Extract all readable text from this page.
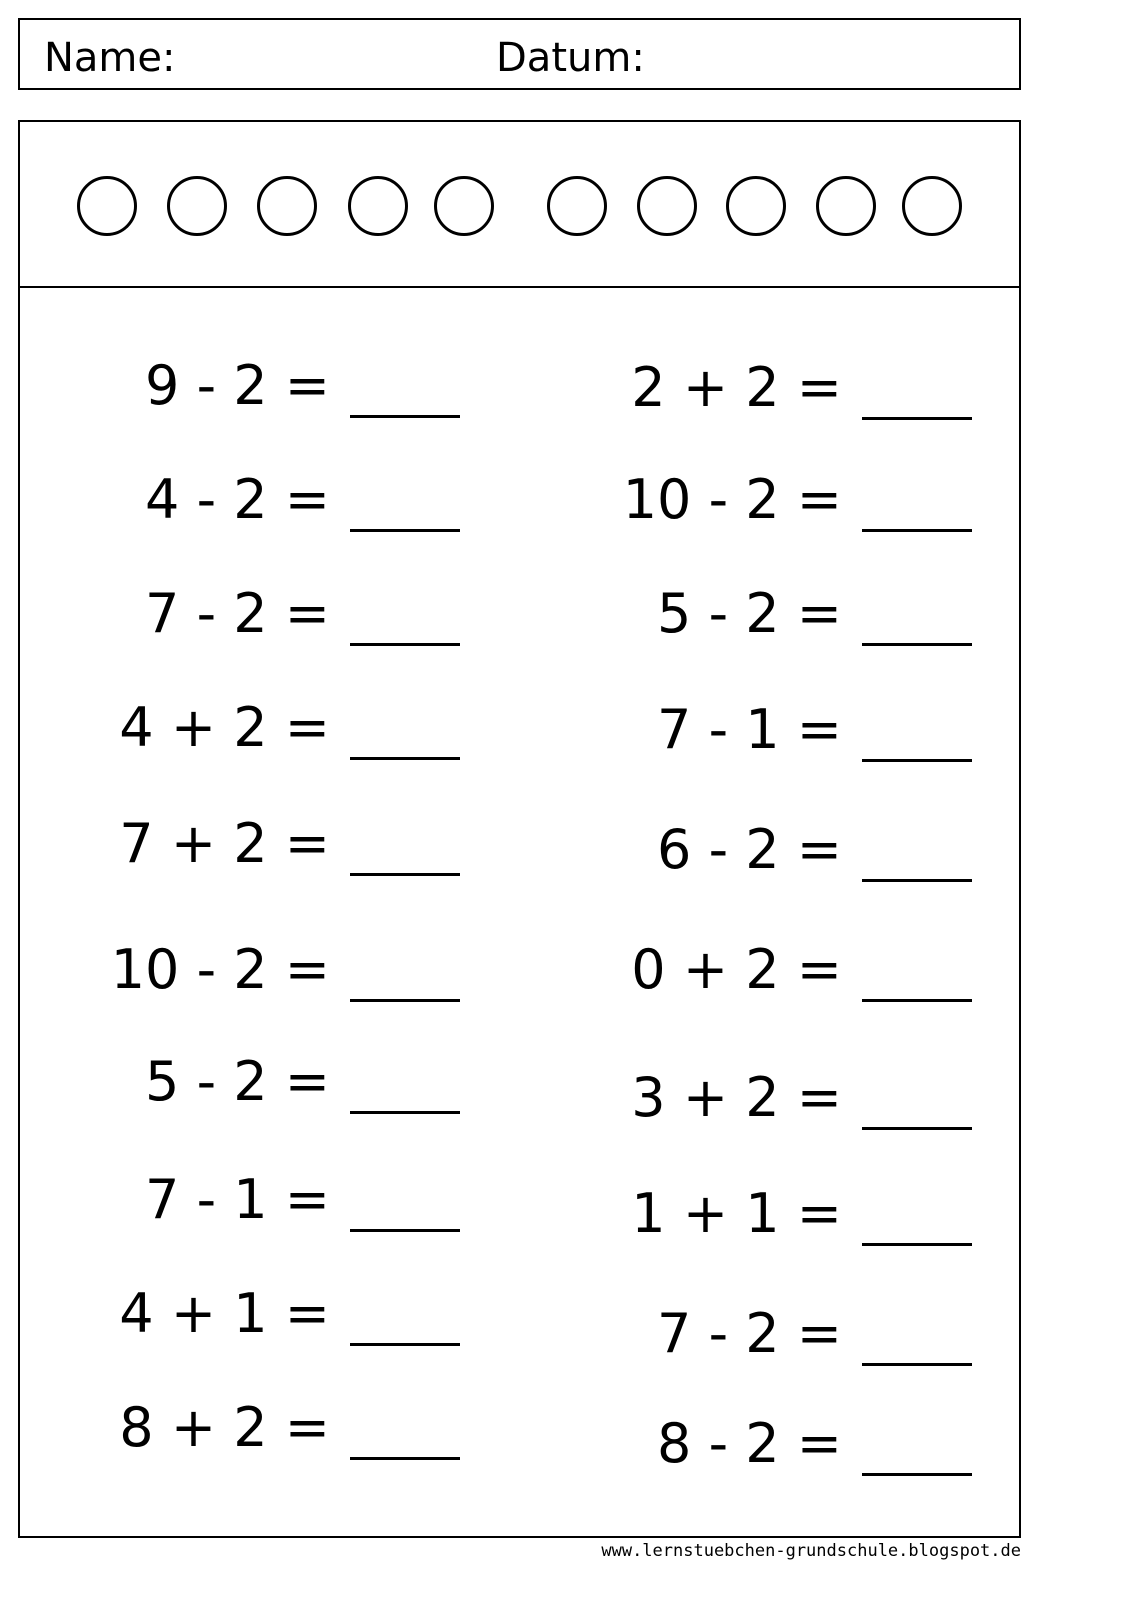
Name:	Datum:
9 - 2 =
4 - 2 =
7 - 2 =
4 + 2 =
7 + 2 =
10 - 2 =
5 - 2 =
7 - 1 =
4 + 1 =
8 + 2 =
2 + 2 =
10 - 2 =
5 - 2 =
7 - 1 =
6 - 2 =
0 + 2 =
3 + 2 =
1 + 1 =
7 - 2 =
8 - 2 =
www.lernstuebchen-grundschule.blogspot.de
